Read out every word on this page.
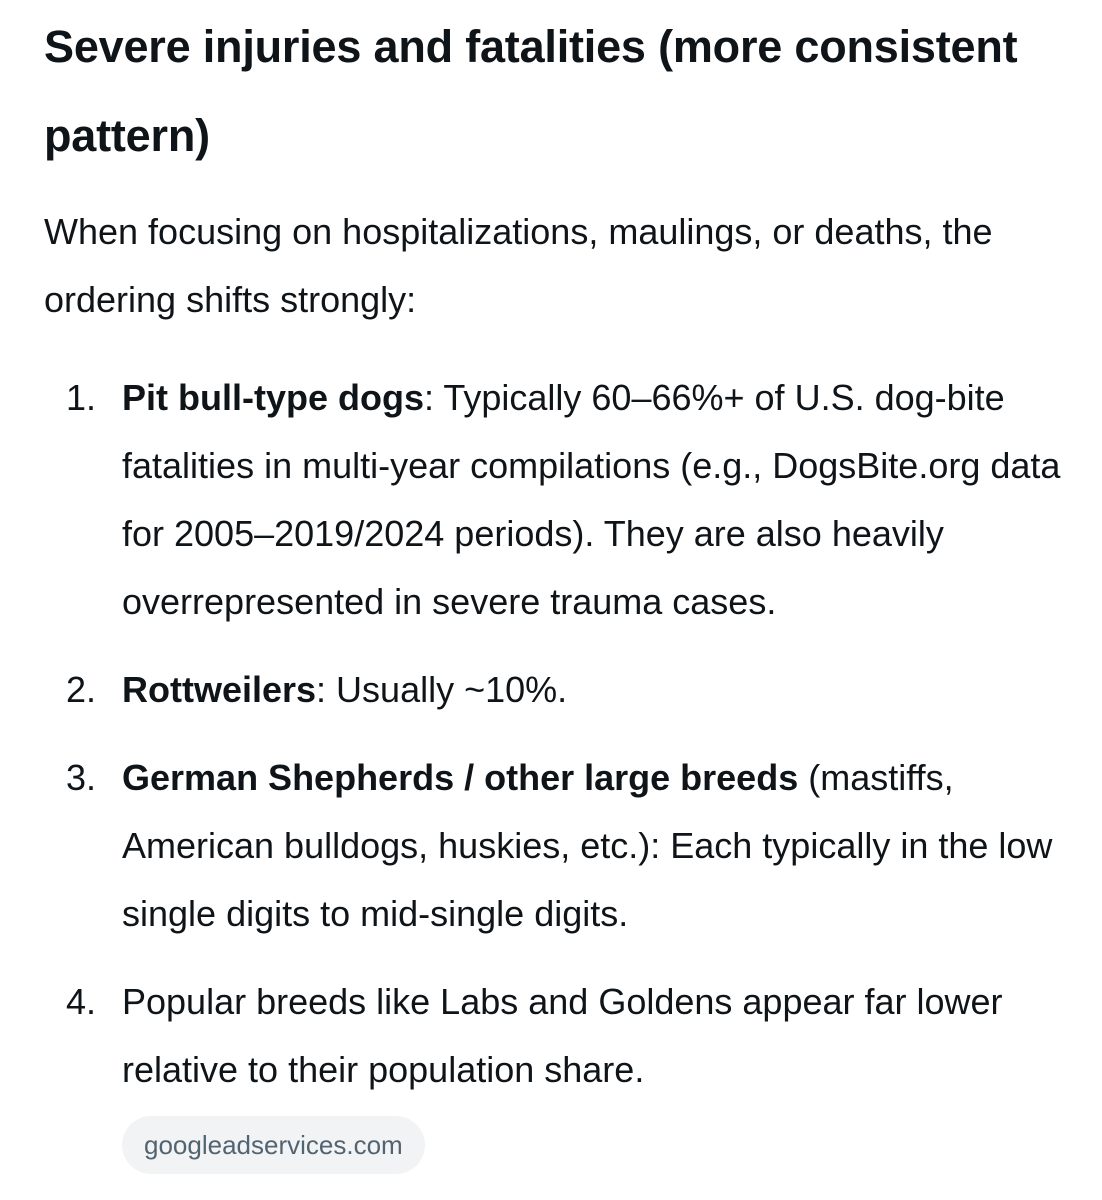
Severe injuries and fatalities (more consistent pattern)

When focusing on hospitalizations, maulings, or deaths, the ordering shifts strongly:

1. Pit bull-type dogs: Typically 60–66%+ of U.S. dog-bite fatalities in multi-year compilations (e.g., DogsBite.org data for 2005–2019/2024 periods). They are also heavily overrepresented in severe trauma cases.
2. Rottweilers: Usually ~10%.
3. German Shepherds / other large breeds (mastiffs, American bulldogs, huskies, etc.): Each typically in the low single digits to mid-single digits.
4. Popular breeds like Labs and Goldens appear far lower relative to their population share.
googleadservices.com
